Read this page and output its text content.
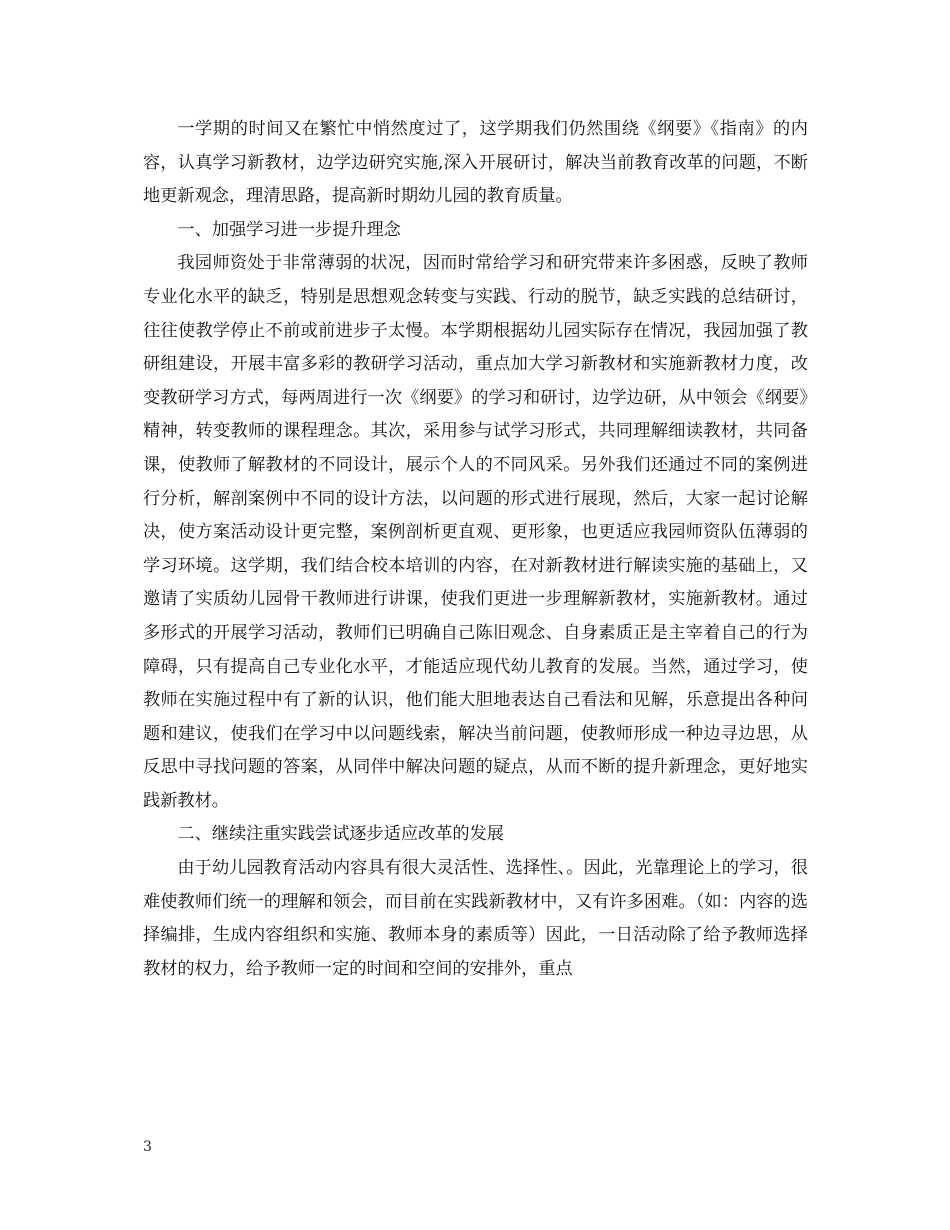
一学期的时间又在繁忙中悄然度过了，这学期我们仍然围绕《纲要》《指南》的内容，认真学习新教材，边学边研究实施,深入开展研讨，解决当前教育改革的问题，不断地更新观念，理清思路，提高新时期幼儿园的教育质量。

一、加强学习进一步提升理念

我园师资处于非常薄弱的状况，因而时常给学习和研究带来许多困惑，反映了教师专业化水平的缺乏，特别是思想观念转变与实践、行动的脱节，缺乏实践的总结研讨，往往使教学停止不前或前进步子太慢。本学期根据幼儿园实际存在情况，我园加强了教研组建设，开展丰富多彩的教研学习活动，重点加大学习新教材和实施新教材力度，改变教研学习方式，每两周进行一次《纲要》的学习和研讨，边学边研，从中领会《纲要》精神，转变教师的课程理念。其次，采用参与试学习形式，共同理解细读教材，共同备课，使教师了解教材的不同设计，展示个人的不同风采。另外我们还通过不同的案例进行分析，解剖案例中不同的设计方法，以问题的形式进行展现，然后，大家一起讨论解决，使方案活动设计更完整，案例剖析更直观、更形象，也更适应我园师资队伍薄弱的学习环境。这学期，我们结合校本培训的内容，在对新教材进行解读实施的基础上，又邀请了实质幼儿园骨干教师进行讲课，使我们更进一步理解新教材，实施新教材。通过多形式的开展学习活动，教师们已明确自己陈旧观念、自身素质正是主宰着自己的行为障碍，只有提高自己专业化水平，才能适应现代幼儿教育的发展。当然，通过学习，使教师在实施过程中有了新的认识，他们能大胆地表达自己看法和见解，乐意提出各种问题和建议，使我们在学习中以问题线索，解决当前问题，使教师形成一种边寻边思，从反思中寻找问题的答案，从同伴中解决问题的疑点，从而不断的提升新理念，更好地实践新教材。

二、继续注重实践尝试逐步适应改革的发展

由于幼儿园教育活动内容具有很大灵活性、选择性、。因此，光靠理论上的学习，很难使教师们统一的理解和领会，而目前在实践新教材中，又有许多困难。（如：内容的选择编排，生成内容组织和实施、教师本身的素质等）因此，一日活动除了给予教师选择教材的权力，给予教师一定的时间和空间的安排外，重点

3
